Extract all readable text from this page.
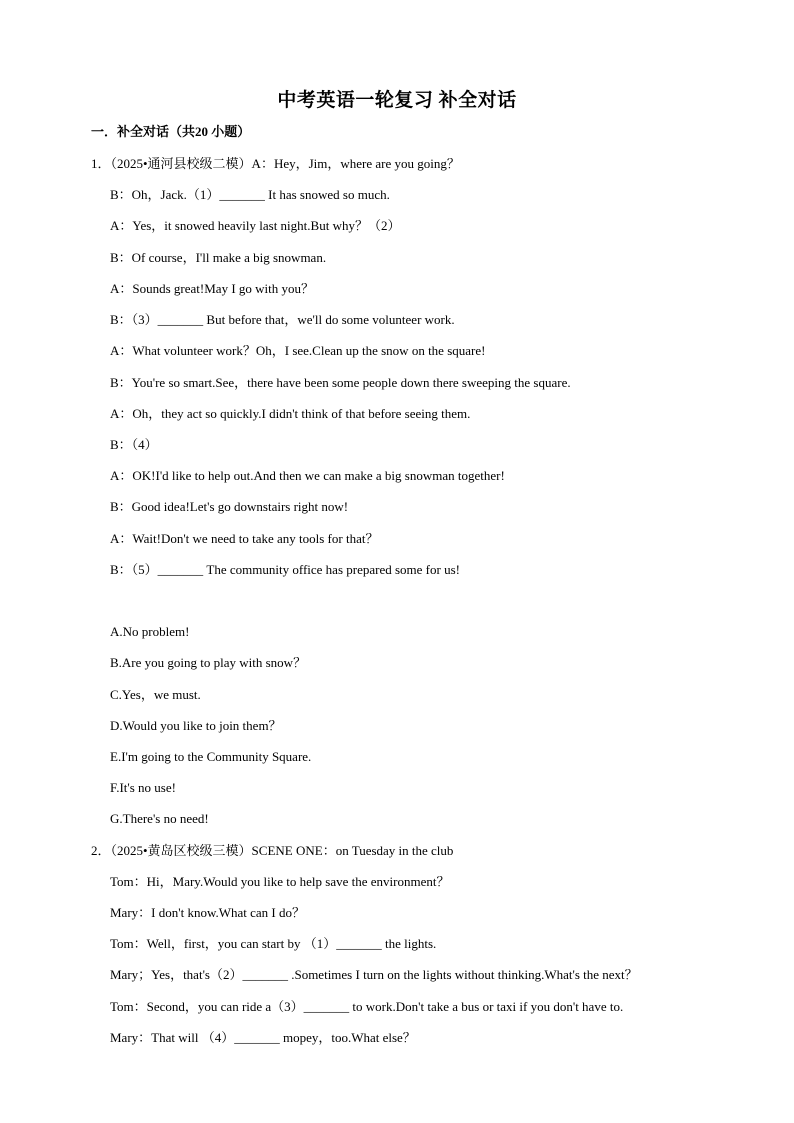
中考英语一轮复习 补全对话
一．补全对话（共20 小题）
1．（2025•通河县校级二模）A：Hey，Jim，where are you going？
B：Oh，Jack.（1）_______ It has snowed so much.
A：Yes，it snowed heavily last night.But why？（2）
B：Of course，I'll make a big snowman.
A：Sounds great!May I go with you？
B：（3）_______ But before that，we'll do some volunteer work.
A：What volunteer work？Oh，I see.Clean up the snow on the square!
B：You're so smart.See，there have been some people down there sweeping the square.
A：Oh，they act so quickly.I didn't think of that before seeing them.
B：（4）
A：OK!I'd like to help out.And then we can make a big snowman together!
B：Good idea!Let's go downstairs right now!
A：Wait!Don't we need to take any tools for that？
B：（5）_______ The community office has prepared some for us!
A.No problem!
B.Are you going to play with snow？
C.Yes，we must.
D.Would you like to join them？
E.I'm going to the Community Square.
F.It's no use!
G.There's no need!
2．（2025•黄岛区校级三模）SCENE ONE：on Tuesday in the club
Tom：Hi，Mary.Would you like to help save the environment？
Mary：I don't know.What can I do？
Tom：Well，first，you can start by （1）_______ the lights.
Mary；Yes，that's（2）_______ .Sometimes I turn on the lights without thinking.What's the next？
Tom：Second，you can ride a（3）_______ to work.Don't take a bus or taxi if you don't have to.
Mary：That will （4）_______ mopey，too.What else？
